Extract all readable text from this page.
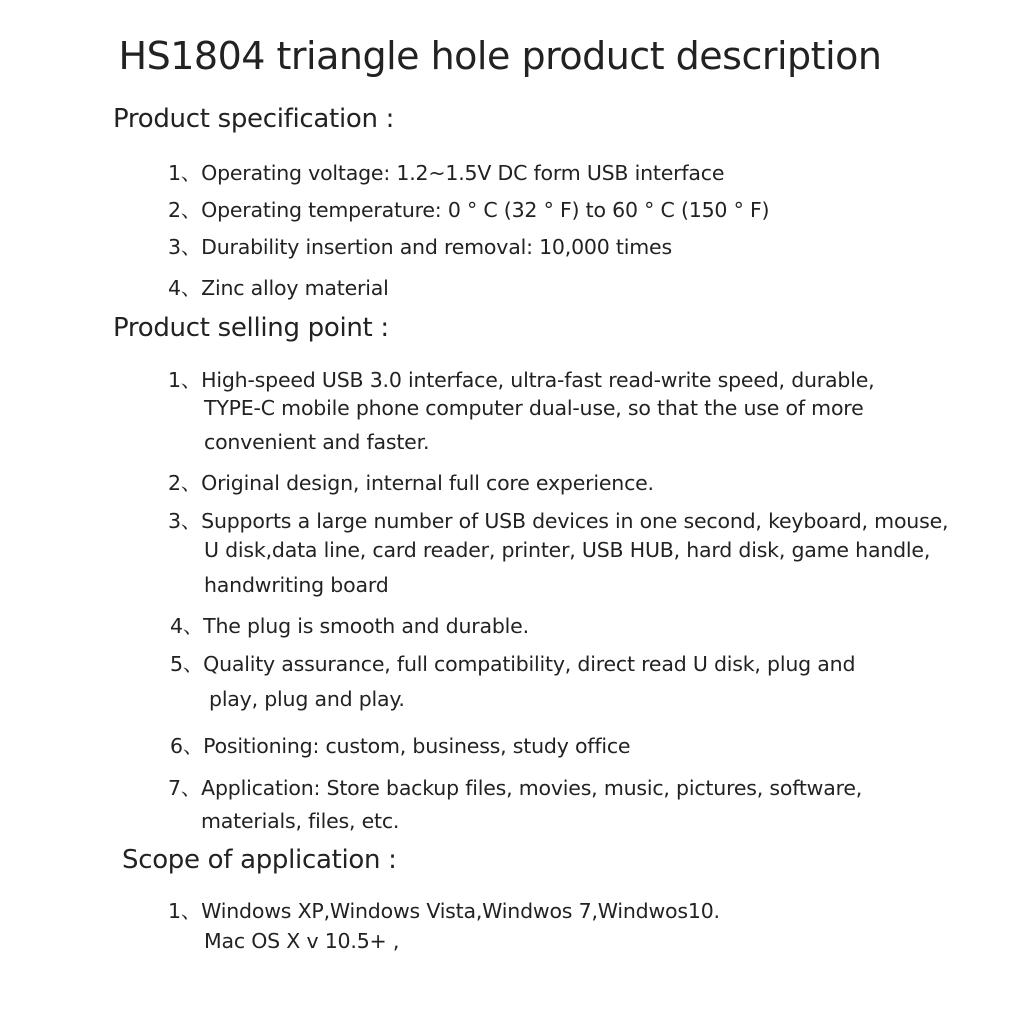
HS1804 triangle hole product description
Product specification :
1、Operating voltage: 1.2~1.5V DC form USB interface
2、Operating temperature: 0 ° C (32 ° F) to 60 ° C (150 ° F)
3、Durability insertion and removal: 10,000 times
4、Zinc alloy material
Product selling point :
1、High-speed USB 3.0 interface, ultra-fast read-write speed, durable,
TYPE-C mobile phone computer dual-use, so that the use of more
convenient and faster.
2、Original design, internal full core experience.
3、Supports a large number of USB devices in one second, keyboard, mouse,
U disk,data line, card reader, printer, USB HUB, hard disk, game handle,
handwriting board
4、The plug is smooth and durable.
5、Quality assurance, full compatibility, direct read U disk, plug and
play, plug and play.
6、Positioning: custom, business, study office
7、Application: Store backup files, movies, music, pictures, software,
materials, files, etc.
Scope of application :
1、Windows XP,Windows Vista,Windwos 7,Windwos10.
Mac OS X v 10.5+ ,
